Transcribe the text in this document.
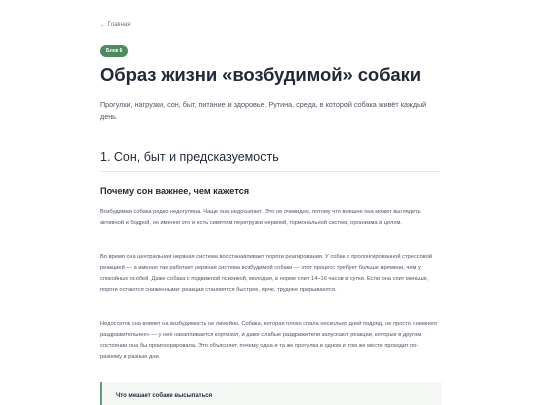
← Главная
Блок 6
Образ жизни «возбудимой» собаки

Прогулки, нагрузки, сон, быт, питание и здоровье. Рутина, среда, в которой собака живёт каждый день.

1. Сон, быт и предсказуемость
Почему сон важнее, чем кажется

Возбудимая собака редко недогуляна. Чаще она недосыпает. Это не очевидно, потому что внешне она может выглядеть активной и бодрой, но именно это и есть симптом перегрузки нервной, гормональной систем, организма в целом.

Во время сна центральная нервная система восстанавливает пороги реагирования. У собак с пролонгированной стрессовой реакцией — а именно так работает нервная система возбудимой собаки — этот процесс требует больше времени, чем у спокойных особей. Даже собака с подвижной психикой, молодая, в норме спит 14–16 часов в сутки. Если она спит меньше, пороги остаются сниженными: реакции становятся быстрее, ярче, труднее прерываются.

Недостаток сна влияет на возбудимость не линейно. Собака, которая плохо спала несколько дней подряд, не просто «немного раздражительнее» — у неё накапливается кортизол, и даже слабые раздражители запускают реакции, которые в другом состоянии она бы проигнорировала. Это объясняет, почему одна и та же прогулка в одном и том же месте проходит по-разному в разные дни.

Что мешает собаке высыпаться
